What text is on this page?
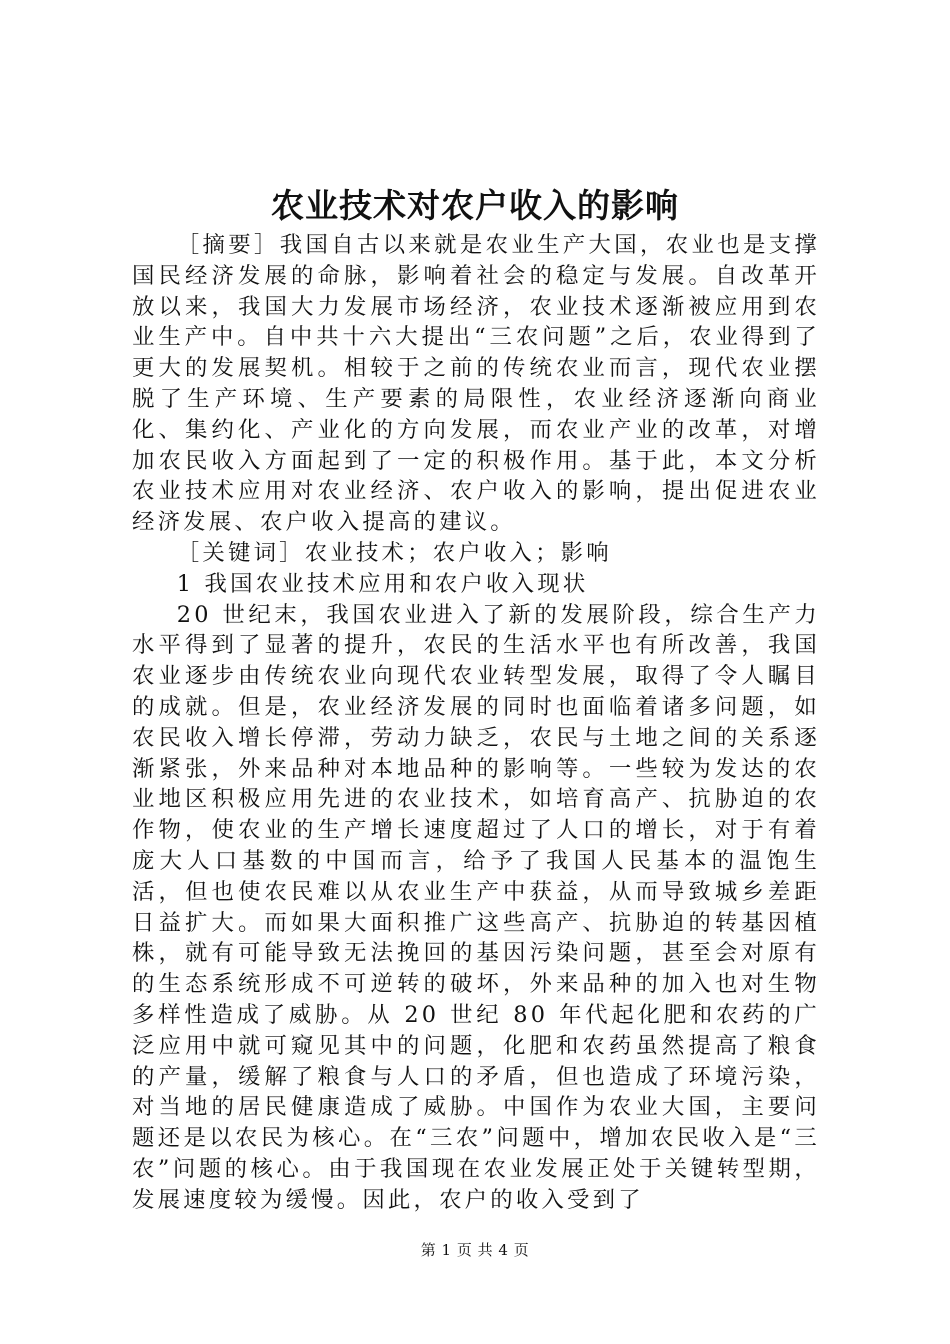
农业技术对农户收入的影响

［摘要］我国自古以来就是农业生产大国，农业也是支撑国民经济发展的命脉，影响着社会的稳定与发展。自改革开放以来，我国大力发展市场经济，农业技术逐渐被应用到农业生产中。自中共十六大提出“三农问题”之后，农业得到了更大的发展契机。相较于之前的传统农业而言，现代农业摆脱了生产环境、生产要素的局限性，农业经济逐渐向商业化、集约化、产业化的方向发展，而农业产业的改革，对增加农民收入方面起到了一定的积极作用。基于此，本文分析农业技术应用对农业经济、农户收入的影响，提出促进农业经济发展、农户收入提高的建议。

［关键词］农业技术；农户收入；影响

1 我国农业技术应用和农户收入现状

20 世纪末，我国农业进入了新的发展阶段，综合生产力水平得到了显著的提升，农民的生活水平也有所改善，我国农业逐步由传统农业向现代农业转型发展，取得了令人瞩目的成就。但是，农业经济发展的同时也面临着诸多问题，如农民收入增长停滞，劳动力缺乏，农民与土地之间的关系逐渐紧张，外来品种对本地品种的影响等。一些较为发达的农业地区积极应用先进的农业技术，如培育高产、抗胁迫的农作物，使农业的生产增长速度超过了人口的增长，对于有着庞大人口基数的中国而言，给予了我国人民基本的温饱生活，但也使农民难以从农业生产中获益，从而导致城乡差距日益扩大。而如果大面积推广这些高产、抗胁迫的转基因植株，就有可能导致无法挽回的基因污染问题，甚至会对原有的生态系统形成不可逆转的破坏，外来品种的加入也对生物多样性造成了威胁。从 20 世纪 80 年代起化肥和农药的广泛应用中就可窥见其中的问题，化肥和农药虽然提高了粮食的产量，缓解了粮食与人口的矛盾，但也造成了环境污染，对当地的居民健康造成了威胁。中国作为农业大国，主要问题还是以农民为核心。在“三农”问题中，增加农民收入是“三农”问题的核心。由于我国现在农业发展正处于关键转型期，发展速度较为缓慢。因此，农户的收入受到了

第 1 页 共 4 页
